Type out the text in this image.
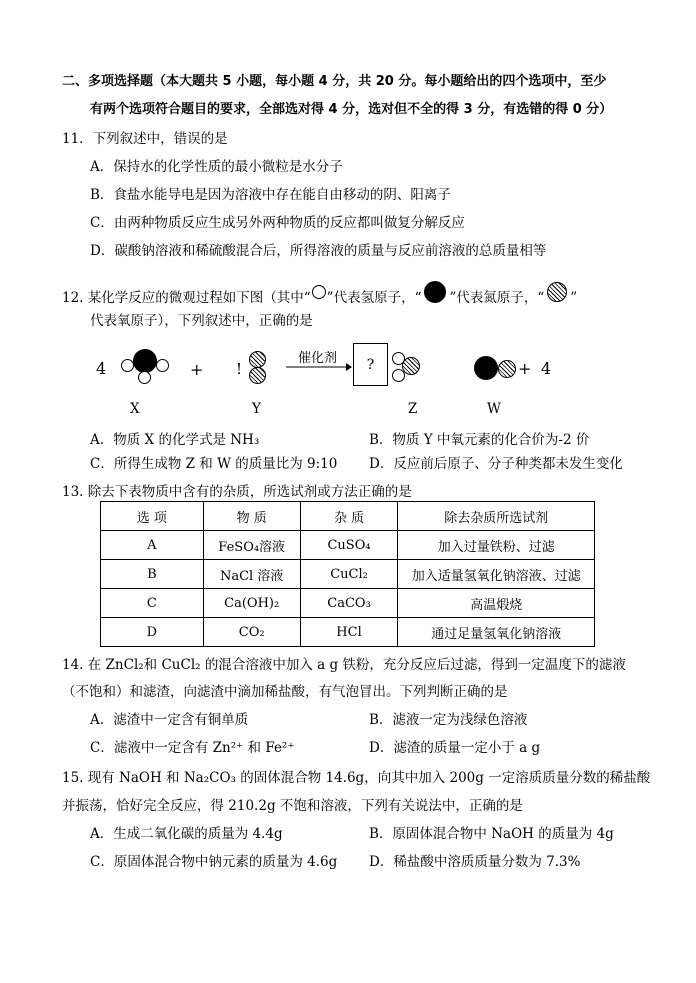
二、多项选择题（本大题共 5 小题，每小题 4 分，共 20 分。每小题给出的四个选项中，至少
有两个选项符合题目的要求，全部选对得 4 分，选对但不全的得 3 分，有选错的得 0 分）
11．下列叙述中，错误的是
A．保持水的化学性质的最小微粒是水分子
B．食盐水能导电是因为溶液中存在能自由移动的阴、阳离子
C．由两种物质反应生成另外两种物质的反应都叫做复分解反应
D．碳酸钠溶液和稀硫酸混合后，所得溶液的质量与反应前溶液的总质量相等
12. 某化学反应的微观过程如下图（其中“ ”代表氢原子，“ ”代表氮原子，“ ”
代表氧原子），下列叙述中，正确的是
4	+ !
催化剂	?	+ 4
X	Y	Z	W
A．物质 X 的化学式是 NH₃	B．物质 Y 中氧元素的化合价为-2 价
C．所得生成物 Z 和 W 的质量比为 9:10 D．反应前后原子、分子种类都未发生变化
13. 除去下表物质中含有的杂质，所选试剂或方法正确的是
选 项	物 质	杂 质	除去杂质所选试剂
A	FeSO₄溶液	CuSO₄	加入过量铁粉、过滤
B	NaCl 溶液	CuCl₂	加入适量氢氧化钠溶液、过滤
C	Ca(OH)₂	CaCO₃	高温煅烧
D	CO₂	HCl	通过足量氢氧化钠溶液
14. 在 ZnCl₂和 CuCl₂ 的混合溶液中加入 a g 铁粉，充分反应后过滤，得到一定温度下的滤液
（不饱和）和滤渣，向滤渣中滴加稀盐酸，有气泡冒出。下列判断正确的是
A．滤渣中一定含有铜单质	B．滤液一定为浅绿色溶液
C．滤液中一定含有 Zn²⁺ 和 Fe²⁺	D．滤渣的质量一定小于 a g
15. 现有 NaOH 和 Na₂CO₃ 的固体混合物 14.6g，向其中加入 200g 一定溶质质量分数的稀盐酸
并振荡，恰好完全反应，得 210.2g 不饱和溶液，下列有关说法中，正确的是
A．生成二氧化碳的质量为 4.4g	B．原固体混合物中 NaOH 的质量为 4g
C．原固体混合物中钠元素的质量为 4.6g D．稀盐酸中溶质质量分数为 7.3%
